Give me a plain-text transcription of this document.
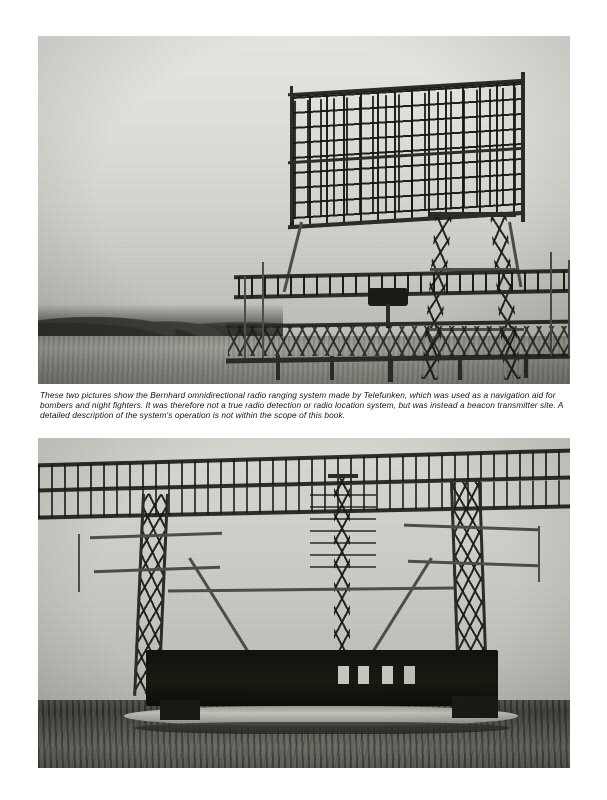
These two pictures show the Bernhard omnidirectional radio ranging system made by Telefunken, which was used as a navigation aid for bombers and night fighters. It was therefore not a true radio detection or radio location system, but was instead a beacon transmitter site. A detailed description of the system's operation is not within the scope of this book.
